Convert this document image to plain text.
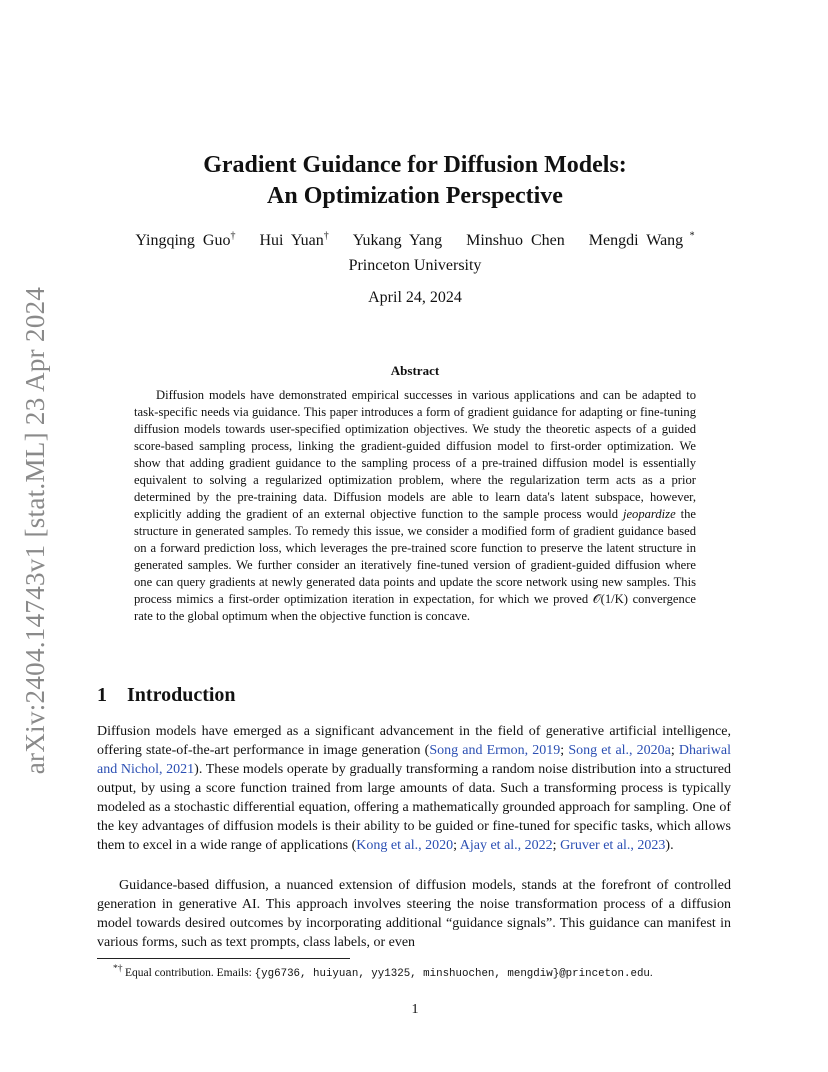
arXiv:2404.14743v1 [stat.ML] 23 Apr 2024
Gradient Guidance for Diffusion Models:
An Optimization Perspective
Yingqing Guo† Hui Yuan† Yukang Yang Minshuo Chen Mengdi Wang *
Princeton University
April 24, 2024
Abstract

Diffusion models have demonstrated empirical successes in various applications and can be adapted to task-specific needs via guidance. This paper introduces a form of gradient guidance for adapting or fine-tuning diffusion models towards user-specified optimization objectives. We study the theoretic aspects of a guided score-based sampling process, linking the gradient-guided diffusion model to first-order optimization. We show that adding gradient guidance to the sampling process of a pre-trained diffusion model is essentially equivalent to solving a regularized optimization problem, where the regularization term acts as a prior determined by the pre-training data. Diffusion models are able to learn data's latent subspace, however, explicitly adding the gradient of an external objective function to the sample process would jeopardize the structure in generated samples. To remedy this issue, we consider a modified form of gradient guidance based on a forward prediction loss, which leverages the pre-trained score function to preserve the latent structure in generated samples. We further consider an iteratively fine-tuned version of gradient-guided diffusion where one can query gradients at newly generated data points and update the score network using new samples. This process mimics a first-order optimization iteration in expectation, for which we proved 𝒪(1/K) convergence rate to the global optimum when the objective function is concave.

1 Introduction

Diffusion models have emerged as a significant advancement in the field of generative artificial intelligence, offering state-of-the-art performance in image generation (Song and Ermon, 2019; Song et al., 2020a; Dhariwal and Nichol, 2021). These models operate by gradually transforming a random noise distribution into a structured output, by using a score function trained from large amounts of data. Such a transforming process is typically modeled as a stochastic differential equation, offering a mathematically grounded approach for sampling. One of the key advantages of diffusion models is their ability to be guided or fine-tuned for specific tasks, which allows them to excel in a wide range of applications (Kong et al., 2020; Ajay et al., 2022; Gruver et al., 2023).

Guidance-based diffusion, a nuanced extension of diffusion models, stands at the forefront of controlled generation in generative AI. This approach involves steering the noise transformation process of a diffusion model towards desired outcomes by incorporating additional “guidance signals”. This guidance can manifest in various forms, such as text prompts, class labels, or even

*† Equal contribution. Emails: {yg6736, huiyuan, yy1325, minshuochen, mengdiw}@princeton.edu.
1
